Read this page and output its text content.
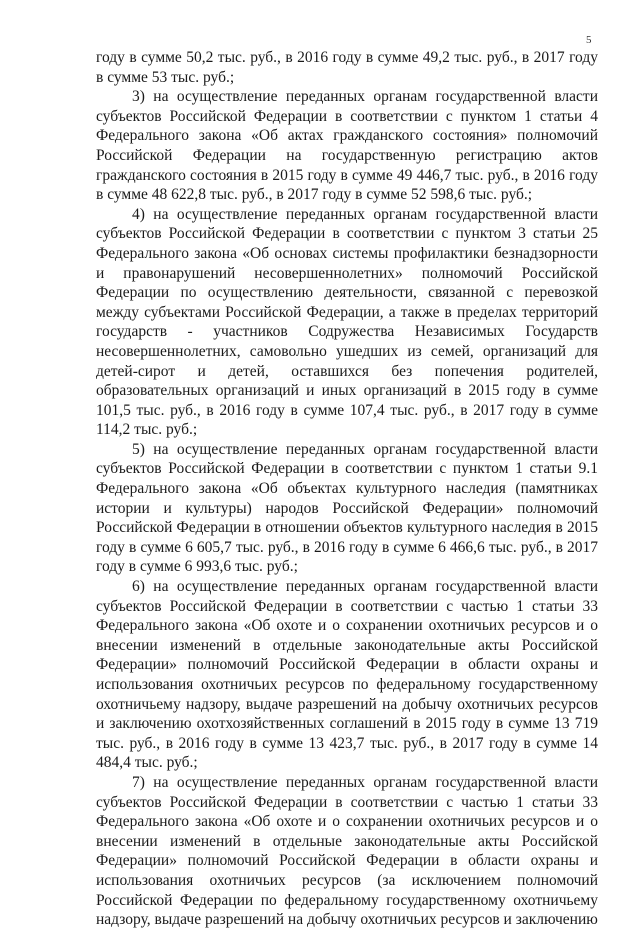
5

году в сумме 50,2 тыс. руб., в 2016 году в сумме 49,2 тыс. руб., в 2017 году в сумме 53 тыс. руб.;

3) на осуществление переданных органам государственной власти субъектов Российской Федерации в соответствии с пунктом 1 статьи 4 Федерального закона «Об актах гражданского состояния» полномочий Российской Федерации на государственную регистрацию актов гражданского состояния в 2015 году в сумме 49 446,7 тыс. руб., в 2016 году в сумме 48 622,8 тыс. руб., в 2017 году в сумме 52 598,6 тыс. руб.;

4) на осуществление переданных органам государственной власти субъектов Российской Федерации в соответствии с пунктом 3 статьи 25 Федерального закона «Об основах системы профилактики безнадзорности и правонарушений несовершеннолетних» полномочий Российской Федерации по осуществлению деятельности, связанной с перевозкой между субъектами Российской Федерации, а также в пределах территорий государств - участников Содружества Независимых Государств несовершеннолетних, самовольно ушедших из семей, организаций для детей-сирот и детей, оставшихся без попечения родителей, образовательных организаций и иных организаций в 2015 году в сумме 101,5 тыс. руб., в 2016 году в сумме 107,4 тыс. руб., в 2017 году в сумме 114,2 тыс. руб.;

5) на осуществление переданных органам государственной власти субъектов Российской Федерации в соответствии с пунктом 1 статьи 9.1 Федерального закона «Об объектах культурного наследия (памятниках истории и культуры) народов Российской Федерации» полномочий Российской Федерации в отношении объектов культурного наследия в 2015 году в сумме 6 605,7 тыс. руб., в 2016 году в сумме 6 466,6 тыс. руб., в 2017 году в сумме 6 993,6 тыс. руб.;

6) на осуществление переданных органам государственной власти субъектов Российской Федерации в соответствии с частью 1 статьи 33 Федерального закона «Об охоте и о сохранении охотничьих ресурсов и о внесении изменений в отдельные законодательные акты Российской Федерации» полномочий Российской Федерации в области охраны и использования охотничьих ресурсов по федеральному государственному охотничьему надзору, выдаче разрешений на добычу охотничьих ресурсов и заключению охотхозяйственных соглашений в 2015 году в сумме 13 719 тыс. руб., в 2016 году в сумме 13 423,7 тыс. руб., в 2017 году в сумме 14 484,4 тыс. руб.;

7) на осуществление переданных органам государственной власти субъектов Российской Федерации в соответствии с частью 1 статьи 33 Федерального закона «Об охоте и о сохранении охотничьих ресурсов и о внесении изменений в отдельные законодательные акты Российской Федерации» полномочий Российской Федерации в области охраны и использования охотничьих ресурсов (за исключением полномочий Российской Федерации по федеральному государственному охотничьему надзору, выдаче разрешений на добычу охотничьих ресурсов и заключению
